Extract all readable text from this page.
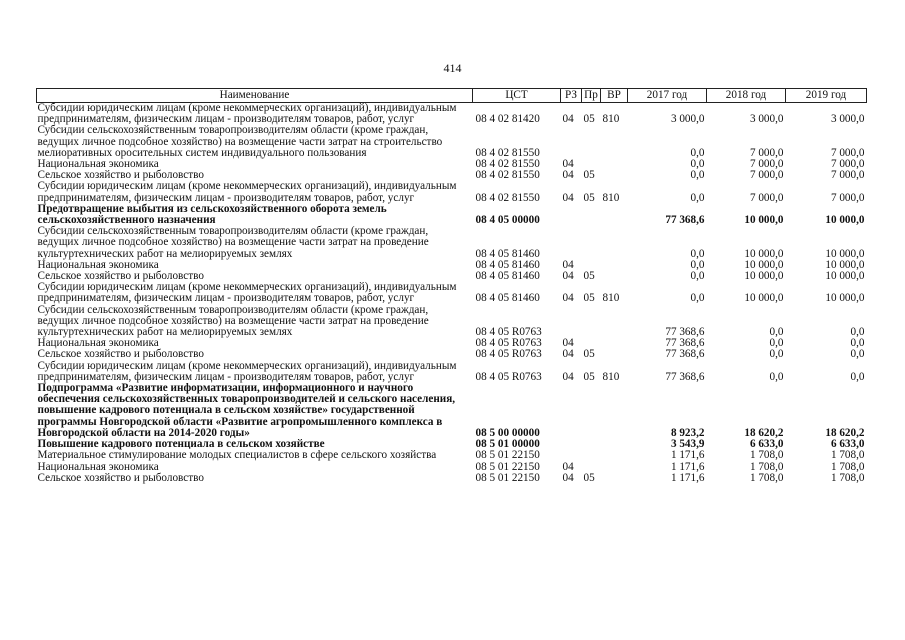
414
Наименование	ЦСТ	РЗ	Пр	ВР	2017 год	2018 год	2019 год
Субсидии юридическим лицам (кроме некоммерческих организаций), индивидуальным предпринимателям, физическим лицам - производителям товаров, работ, услуг	08 4 02 81420	04	05	810	3 000,0	3 000,0	3 000,0
Субсидии сельскохозяйственным товаропроизводителям области (кроме граждан, ведущих личное подсобное хозяйство) на возмещение части затрат на строительство мелиоративных оросительных систем индивидуального пользования	08 4 02 81550				0,0	7 000,0	7 000,0
Национальная экономика	08 4 02 81550	04			0,0	7 000,0	7 000,0
Сельское хозяйство и рыболовство	08 4 02 81550	04	05		0,0	7 000,0	7 000,0
Субсидии юридическим лицам (кроме некоммерческих организаций), индивидуальным предпринимателям, физическим лицам - производителям товаров, работ, услуг	08 4 02 81550	04	05	810	0,0	7 000,0	7 000,0
Предотвращение выбытия из сельскохозяйственного оборота земель сельскохозяйственного назначения	08 4 05 00000				77 368,6	10 000,0	10 000,0
Субсидии сельскохозяйственным товаропроизводителям области (кроме граждан, ведущих личное подсобное хозяйство) на возмещение части затрат на проведение культуртехнических работ на мелиорируемых землях	08 4 05 81460				0,0	10 000,0	10 000,0
Национальная экономика	08 4 05 81460	04			0,0	10 000,0	10 000,0
Сельское хозяйство и рыболовство	08 4 05 81460	04	05		0,0	10 000,0	10 000,0
Субсидии юридическим лицам (кроме некоммерческих организаций), индивидуальным предпринимателям, физическим лицам - производителям товаров, работ, услуг	08 4 05 81460	04	05	810	0,0	10 000,0	10 000,0
Субсидии сельскохозяйственным товаропроизводителям области (кроме граждан, ведущих личное подсобное хозяйство) на возмещение части затрат на проведение культуртехнических работ на мелиорируемых землях	08 4 05 R0763				77 368,6	0,0	0,0
Национальная экономика	08 4 05 R0763	04			77 368,6	0,0	0,0
Сельское хозяйство и рыболовство	08 4 05 R0763	04	05		77 368,6	0,0	0,0
Субсидии юридическим лицам (кроме некоммерческих организаций), индивидуальным предпринимателям, физическим лицам - производителям товаров, работ, услуг	08 4 05 R0763	04	05	810	77 368,6	0,0	0,0
Подпрограмма «Развитие информатизации, информационного и научного обеспечения сельскохозяйственных товаропроизводителей и сельского населения, повышение кадрового потенциала в сельском хозяйстве» государственной программы Новгородской области «Развитие агропромышленного комплекса в Новгородской области на 2014-2020 годы»	08 5 00 00000				8 923,2	18 620,2	18 620,2
Повышение кадрового потенциала в сельском хозяйстве	08 5 01 00000				3 543,9	6 633,0	6 633,0
Материальное стимулирование молодых специалистов в сфере сельского хозяйства	08 5 01 22150				1 171,6	1 708,0	1 708,0
Национальная экономика	08 5 01 22150	04			1 171,6	1 708,0	1 708,0
Сельское хозяйство и рыболовство	08 5 01 22150	04	05		1 171,6	1 708,0	1 708,0
